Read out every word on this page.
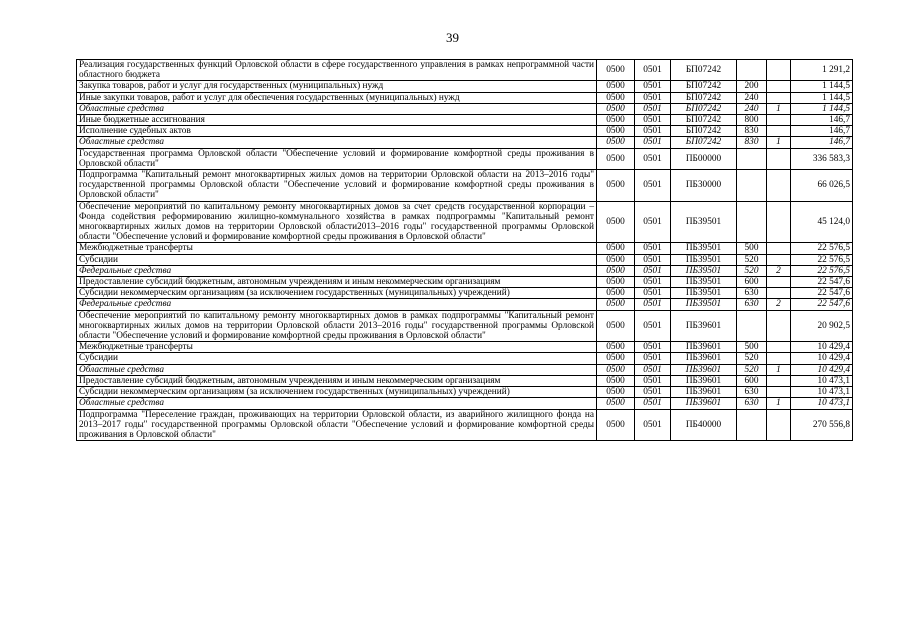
39
Реализация государственных функций Орловской области в сфере государственного управления в рамках непрограммной части областного бюджета	0500	0501	БП07242			1 291,2
Закупка товаров, работ и услуг для государственных (муниципальных) нужд	0500	0501	БП07242	200		1 144,5
Иные закупки товаров, работ и услуг для обеспечения государственных (муниципальных) нужд	0500	0501	БП07242	240		1 144,5
Областные средства	0500	0501	БП07242	240	1	1 144,5
Иные бюджетные ассигнования	0500	0501	БП07242	800		146,7
Исполнение судебных актов	0500	0501	БП07242	830		146,7
Областные средства	0500	0501	БП07242	830	1	146,7
Государственная программа Орловской области "Обеспечение условий и формирование комфортной среды проживания в Орловской области"	0500	0501	ПБ00000			336 583,3
Подпрограмма "Капитальный ремонт многоквартирных жилых домов на территории Орловской области на 2013–2016 годы" государственной программы Орловской области "Обеспечение условий и формирование комфортной среды проживания в Орловской области"	0500	0501	ПБ30000			66 026,5
Обеспечение мероприятий по капитальному ремонту многоквартирных домов за счет средств государственной корпорации – Фонда содействия реформированию жилищно-коммунального хозяйства в рамках подпрограммы "Капитальный ремонт многоквартирных жилых домов на территории Орловской области2013–2016 годы" государственной программы Орловской области "Обеспечение условий и формирование комфортной среды проживания в Орловской области"	0500	0501	ПБ39501			45 124,0
Межбюджетные трансферты	0500	0501	ПБ39501	500		22 576,5
Субсидии	0500	0501	ПБ39501	520		22 576,5
Федеральные средства	0500	0501	ПБ39501	520	2	22 576,5
Предоставление субсидий бюджетным, автономным учреждениям и иным некоммерческим организациям	0500	0501	ПБ39501	600		22 547,6
Субсидии некоммерческим организациям (за исключением государственных (муниципальных) учреждений)	0500	0501	ПБ39501	630		22 547,6
Федеральные средства	0500	0501	ПБ39501	630	2	22 547,6
Обеспечение мероприятий по капитальному ремонту многоквартирных домов в рамках подпрограммы "Капитальный ремонт многоквартирных жилых домов на территории Орловской области 2013–2016 годы" государственной программы Орловской области "Обеспечение условий и формирование комфортной среды проживания в Орловской области"	0500	0501	ПБ39601			20 902,5
Межбюджетные трансферты	0500	0501	ПБ39601	500		10 429,4
Субсидии	0500	0501	ПБ39601	520		10 429,4
Областные средства	0500	0501	ПБ39601	520	1	10 429,4
Предоставление субсидий бюджетным, автономным учреждениям и иным некоммерческим организациям	0500	0501	ПБ39601	600		10 473,1
Субсидии некоммерческим организациям (за исключением государственных (муниципальных) учреждений)	0500	0501	ПБ39601	630		10 473,1
Областные средства	0500	0501	ПБ39601	630	1	10 473,1
Подпрограмма "Переселение граждан, проживающих на территории Орловской области, из аварийного жилищного фонда на 2013–2017 годы" государственной программы Орловской области "Обеспечение условий и формирование комфортной среды проживания в Орловской области"	0500	0501	ПБ40000			270 556,8
